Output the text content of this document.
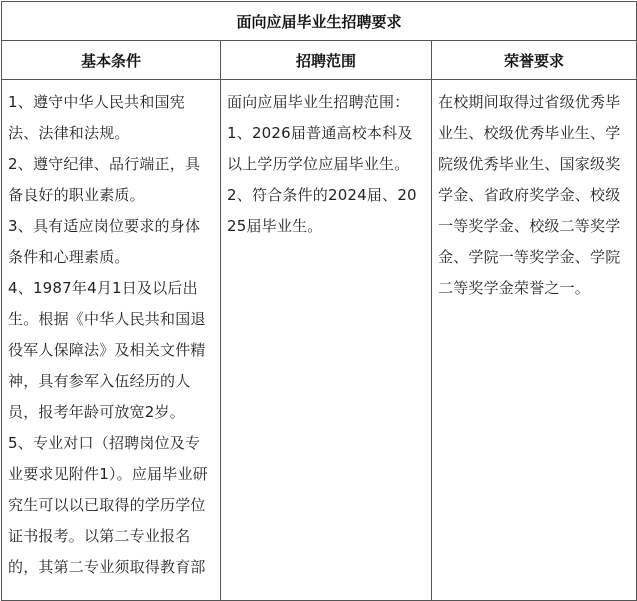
面向应届毕业生招聘要求		
基本条件	招聘范围	荣誉要求

1、遵守中华人民共和国宪法、法律和法规。
2、遵守纪律、品行端正，具备良好的职业素质。
3、具有适应岗位要求的身体条件和心理素质。
4、1987年4月1日及以后出生。根据《中华人民共和国退役军人保障法》及相关文件精神，具有参军入伍经历的人员，报考年龄可放宽2岁。
5、专业对口（招聘岗位及专业要求见附件1）。应届毕业研究生可以以已取得的学历学位证书报考。以第二专业报名的，其第二专业须取得教育部	面向应届毕业生招聘范围：
1、2026届普通高校本科及以上学历学位应届毕业生。
2、符合条件的2024届、2025届毕业生。	在校期间取得过省级优秀毕业生、校级优秀毕业生、学院级优秀毕业生、国家级奖学金、省政府奖学金、校级一等奖学金、校级二等奖学金、学院一等奖学金、学院二等奖学金荣誉之一。
